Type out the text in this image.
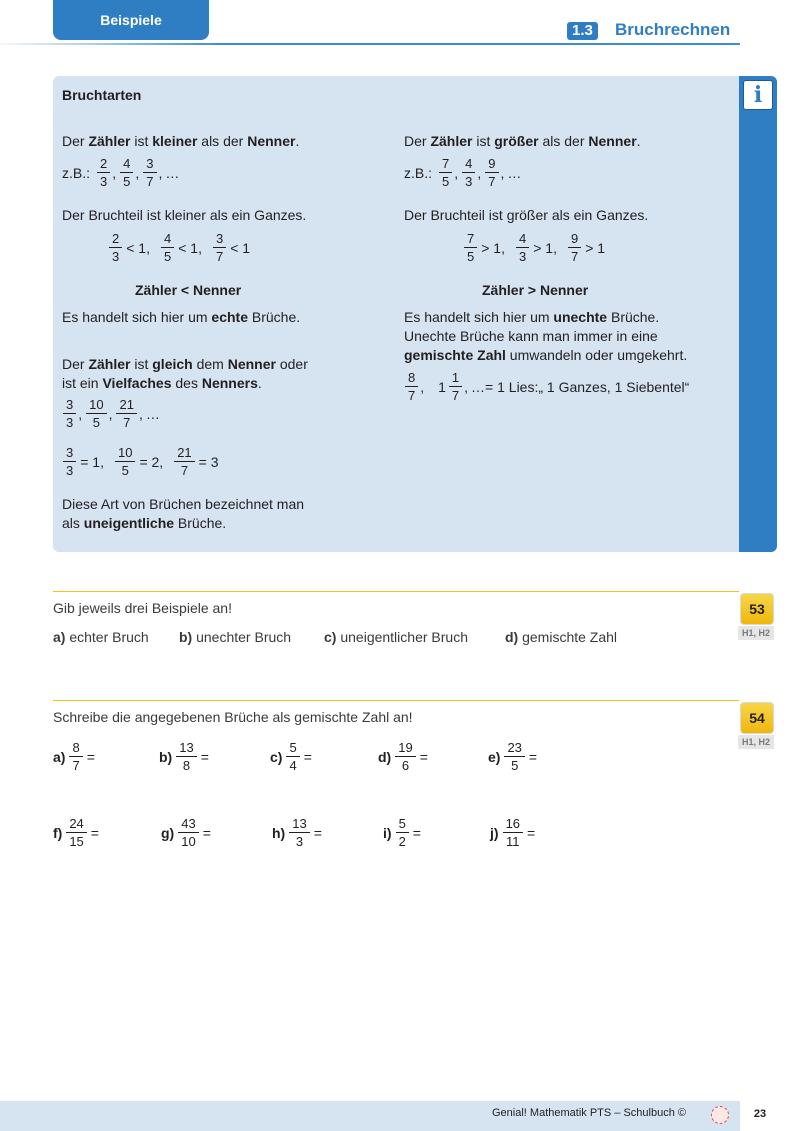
Beispiele
1.3 Bruchrechnen
i
Bruchtarten
Der Zähler ist kleiner als der Nenner.
z.B.: $\frac{2}{3}$ , $\frac{4}{5}$ , $\frac{3}{7}$ , …
Der Bruchteil ist kleiner als ein Ganzes.
$\frac{2}{3} < 1$, $\frac{4}{5} < 1$, $\frac{3}{7} < 1$
Zähler < Nenner
Es handelt sich hier um echte Brüche.
Der Zähler ist gleich dem Nenner oder
ist ein Vielfaches des Nenners.
$\frac{3}{3}$ , $\frac{10}{5}$ , $\frac{21}{7}$ , …
$\frac{3}{3} = 1$, $\frac{10}{5} = 2$, $\frac{21}{7} = 3$
Diese Art von Brüchen bezeichnet man
als uneigentliche Brüche.
Der Zähler ist größer als der Nenner.
z.B.: $\frac{7}{5}$ , $\frac{4}{3}$ , $\frac{9}{7}$ , …
Der Bruchteil ist größer als ein Ganzes.
$\frac{7}{5} > 1$, $\frac{4}{3} > 1$, $\frac{9}{7} > 1$
Zähler > Nenner
Es handelt sich hier um unechte Brüche.
Unechte Brüche kann man immer in eine
gemischte Zahl umwandeln oder umgekehrt.
$\frac{8}{7}$ , $1 \frac{1}{7}$ , …= 1 Lies:„ 1 Ganzes, 1 Siebentel“
53
H1, H2
Gib jeweils drei Beispiele an!
a) echter Bruch b) unechter Bruch c) uneigentlicher Bruch	d) gemischte Zahl
54
H1, H2
Schreibe die angegebenen Brüche als gemischte Zahl an!
$a) \frac{8}{7}$ =	$b) \frac{13}{8}$ =	$c) \frac{5}{4}$ =	$d) \frac{19}{6}$ =	$e) \frac{23}{5}$ =
$f) \frac{24}{15}$ =	$g) \frac{43}{10}$ =	$h) \frac{13}{3}$ =	$i) \frac{5}{2}$ =	$j) \frac{16}{11}$ =
Genial! Mathematik PTS – Schulbuch ©	23
